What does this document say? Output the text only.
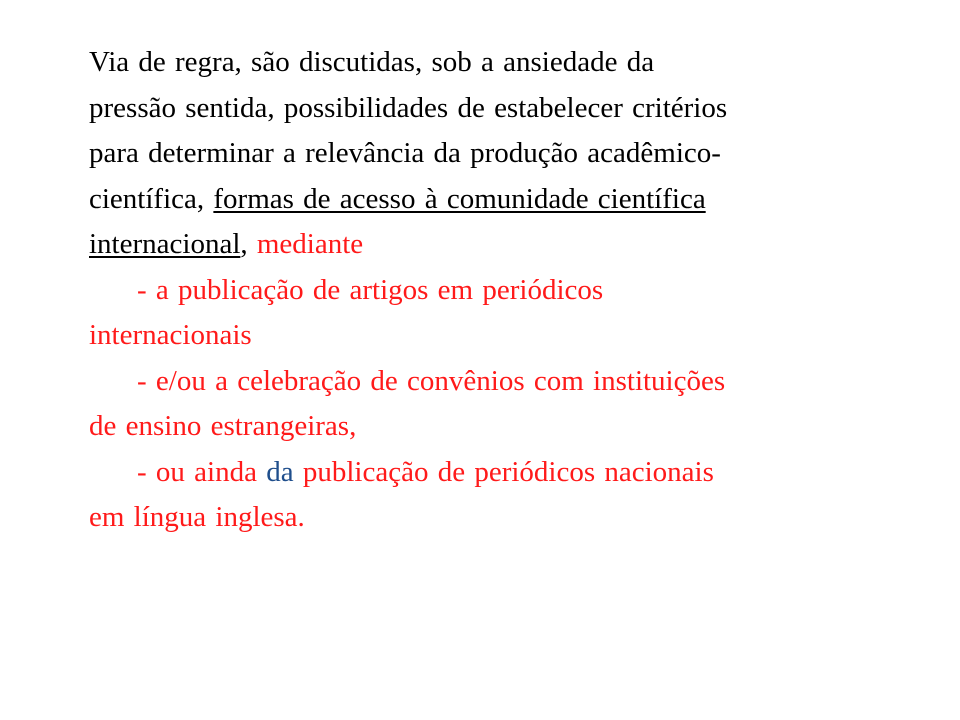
Via de regra, são discutidas, sob a ansiedade da
pressão sentida, possibilidades de estabelecer critérios
para determinar a relevância da produção acadêmico-
científica, formas de acesso à comunidade científica
internacional, mediante
- a publicação de artigos em periódicos
internacionais
- e/ou a celebração de convênios com instituições
de ensino estrangeiras,
- ou ainda da publicação de periódicos nacionais
em língua inglesa.
